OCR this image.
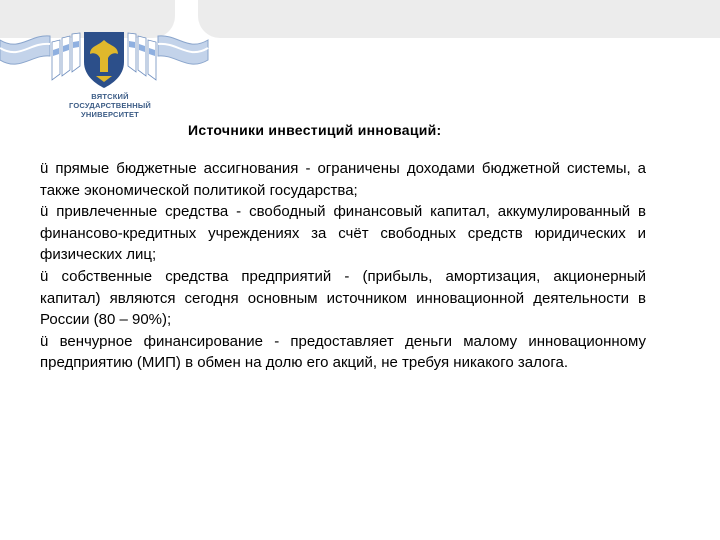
ВЯТСКИЙ
ГОСУДАРСТВЕННЫЙ
УНИВЕРСИТЕТ
Источники инвестиций инноваций:
ü прямые бюджетные ассигнования - ограничены доходами бюджетной системы, а также экономической политикой государства;
ü привлеченные средства - свободный финансовый капитал, аккумулированный в финансово-кредитных учреждениях за счёт свободных средств юридических и физических лиц;
ü собственные средства предприятий - (прибыль, амортизация, акционерный капитал) являются сегодня основным источником инновационной деятельности в России (80 – 90%);
ü венчурное финансирование - предоставляет деньги малому инновационному предприятию (МИП) в обмен на долю его акций, не требуя никакого залога.
